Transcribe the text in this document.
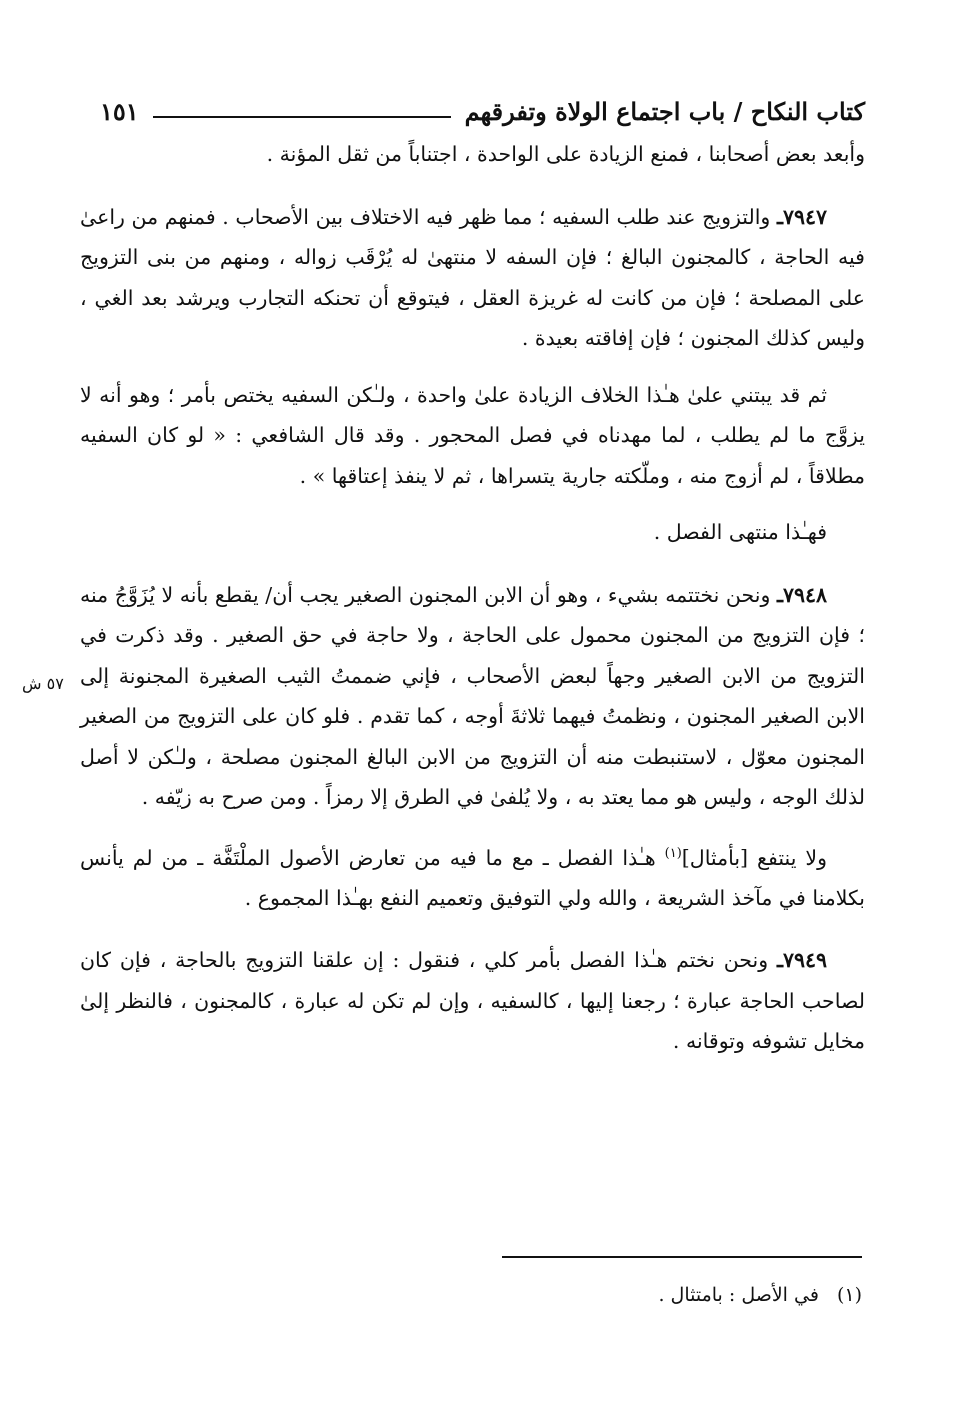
كتاب النكاح / باب اجتماع الولاة وتفرقهم
١٥١
٥٧ ش

وأبعد بعض أصحابنا ، فمنع الزيادة على الواحدة ، اجتناباً من ثقل المؤنة .

٧٩٤٧ـ والتزويج عند طلب السفيه ؛ مما ظهر فيه الاختلاف بين الأصحاب . فمنهم من راعىٰ فيه الحاجة ، كالمجنون البالغ ؛ فإن السفه لا منتهىٰ له يُرْقَب زواله ، ومنهم من بنى التزويج على المصلحة ؛ فإن من كانت له غريزة العقل ، فيتوقع أن تحنكه التجارب ويرشد بعد الغي ، وليس كذلك المجنون ؛ فإن إفاقته بعيدة .

ثم قد يبتني علىٰ هـٰذا الخلاف الزيادة علىٰ واحدة ، ولـٰكن السفيه يختص بأمر ؛ وهو أنه لا يزوَّج ما لم يطلب ، لما مهدناه في فصل المحجور . وقد قال الشافعي : « لو كان السفيه مطلاقاً ، لم أزوج منه ، وملّكته جارية يتسراها ، ثم لا ينفذ إعتاقها » .

فهـٰذا منتهى الفصل .

٧٩٤٨ـ ونحن نختتمه بشيء ، وهو أن الابن المجنون الصغير يجب أن/ يقطع بأنه لا يُزَوَّجُ منه ؛ فإن التزويج من المجنون محمول على الحاجة ، ولا حاجة في حق الصغير . وقد ذكرت في التزويج من الابن الصغير وجهاً لبعض الأصحاب ، فإني ضممتُ الثيب الصغيرة المجنونة إلى الابن الصغير المجنون ، ونظمتُ فيهما ثلاثةَ أوجه ، كما تقدم . فلو كان على التزويج من الصغير المجنون معوّل ، لاستنبطت منه أن التزويج من الابن البالغ المجنون مصلحة ، ولـٰكن لا أصل لذلك الوجه ، وليس هو مما يعتد به ، ولا يُلفىٰ في الطرق إلا رمزاً . ومن صرح به زيّفه .

ولا ينتفع [بأمثال]$^{(١)}$ هـٰذا الفصل ـ مع ما فيه من تعارض الأصول الملْتَفَّة ـ من لم يأنس بكلامنا في مآخذ الشريعة ، والله ولي التوفيق وتعميم النفع بهـٰذا المجموع .

٧٩٤٩ـ ونحن نختم هـٰذا الفصل بأمر كلي ، فنقول : إن علقنا التزويج بالحاجة ، فإن كان لصاحب الحاجة عبارة ؛ رجعنا إليها ، كالسفيه ، وإن لم تكن له عبارة ، كالمجنون ، فالنظر إلىٰ مخايل تشوفه وتوقانه .

(١)في الأصل : بامتثال .
